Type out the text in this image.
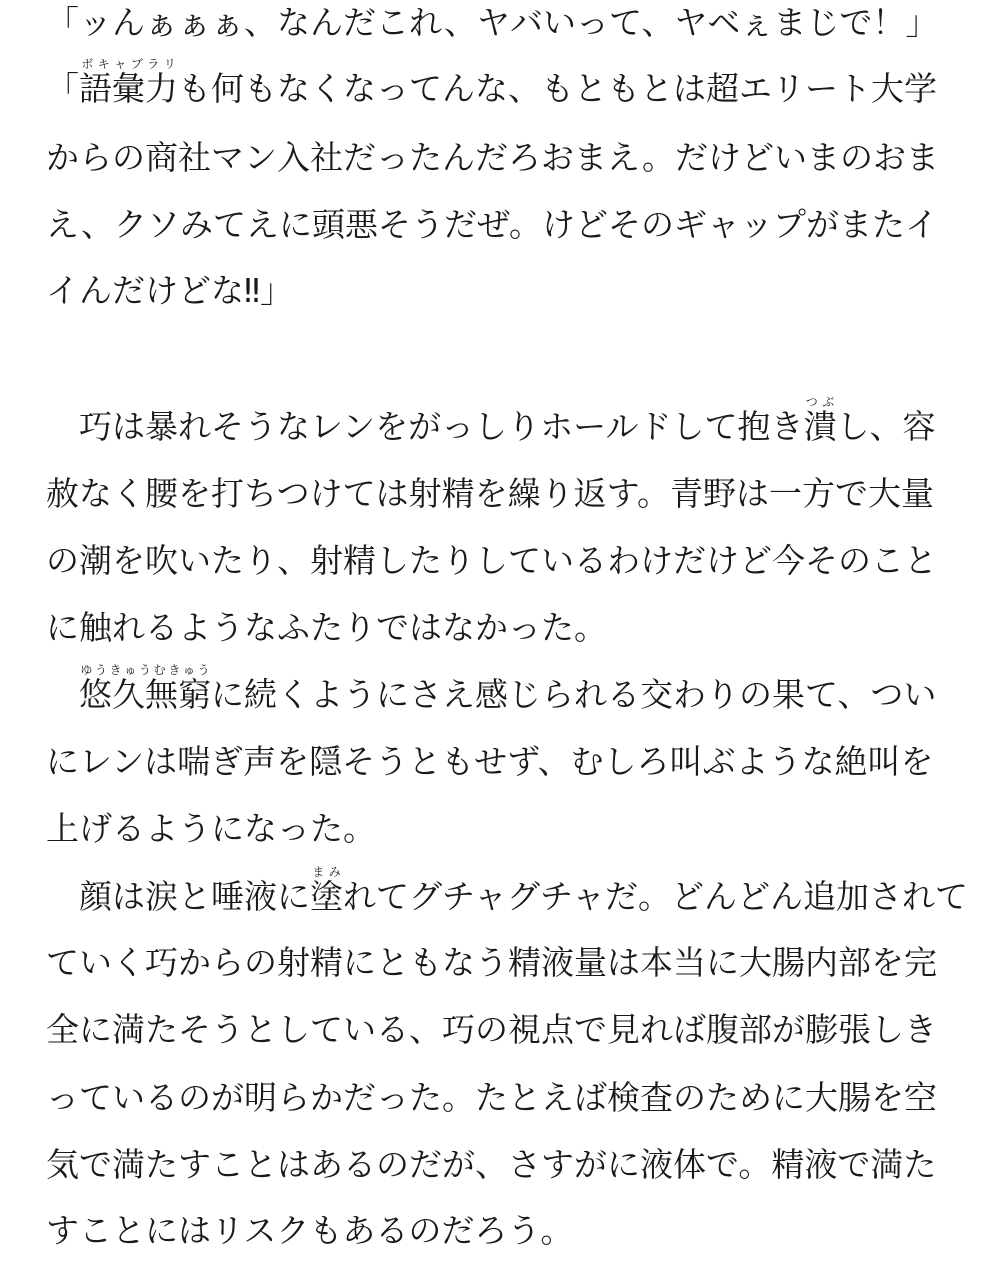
「ッんぁぁぁ、なんだこれ、ヤバいって、ヤベぇまじで！」
「語彙力ボキャブラリも何もなくなってんな、もともとは超エリート大学
からの商社マン入社だったんだろおまえ。だけどいまのおま
え、クソみてえに頭悪そうだぜ。けどそのギャップがまたイ
イんだけどな‼」
　巧は暴れそうなレンをがっしりホールドして抱き潰つぶし、容
赦なく腰を打ちつけては射精を繰り返す。青野は一方で大量
の潮を吹いたり、射精したりしているわけだけど今そのこと
に触れるようなふたりではなかった。
　悠久無窮ゆうきゅうむきゅうに続くようにさえ感じられる交わりの果て、つい
にレンは喘ぎ声を隠そうともせず、むしろ叫ぶような絶叫を
上げるようになった。
　顔は涙と唾液に塗まみれてグチャグチャだ。どんどん追加されて
ていく巧からの射精にともなう精液量は本当に大腸内部を完
全に満たそうとしている、巧の視点で見れば腹部が膨張しき
っているのが明らかだった。たとえば検査のために大腸を空
気で満たすことはあるのだが、さすがに液体で。精液で満た
すことにはリスクもあるのだろう。
